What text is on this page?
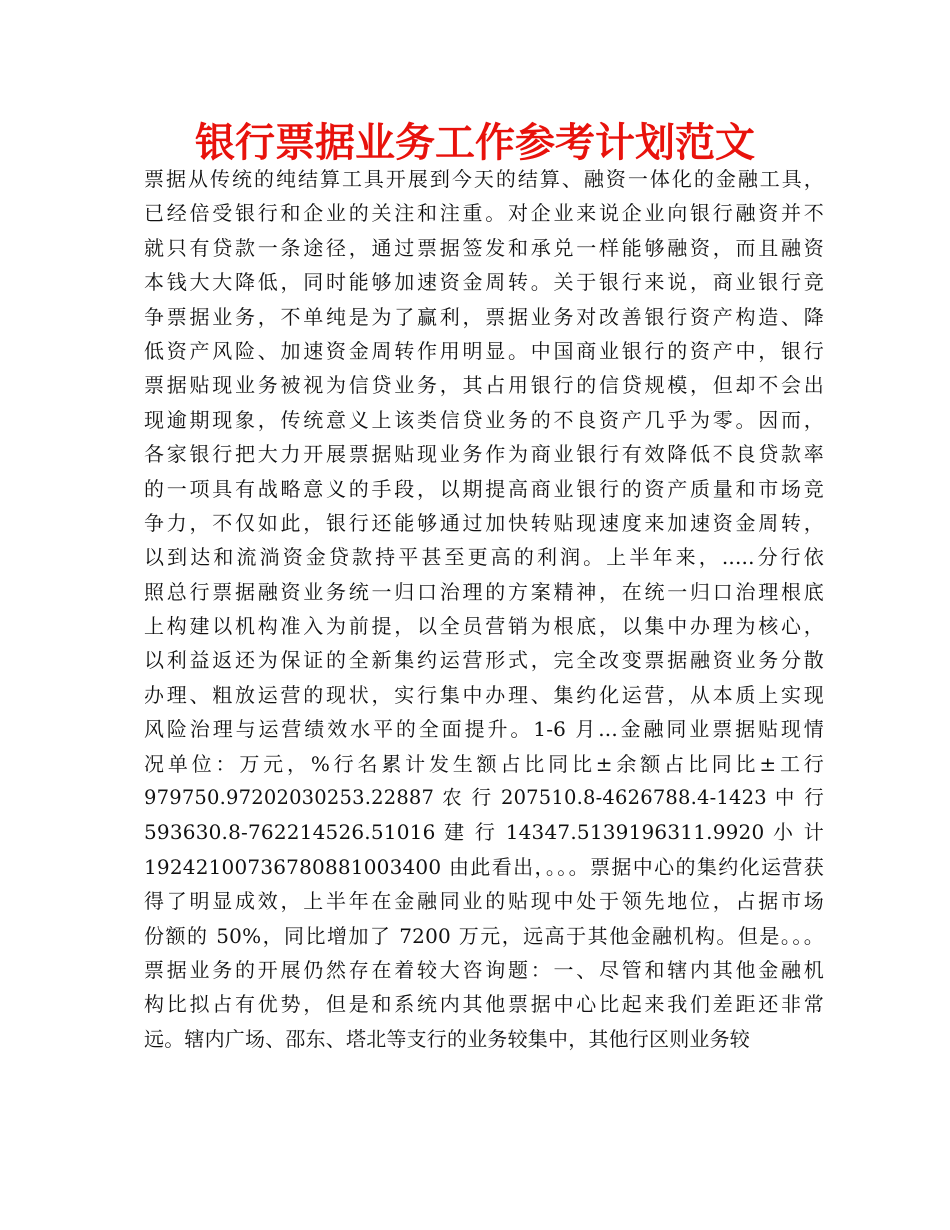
银行票据业务工作参考计划范文
票据从传统的纯结算工具开展到今天的结算、融资一体化的金融工具，
已经倍受银行和企业的关注和注重。对企业来说企业向银行融资并不
就只有贷款一条途径，通过票据签发和承兑一样能够融资，而且融资
本钱大大降低，同时能够加速资金周转。关于银行来说，商业银行竞
争票据业务，不单纯是为了赢利，票据业务对改善银行资产构造、降
低资产风险、加速资金周转作用明显。中国商业银行的资产中，银行
票据贴现业务被视为信贷业务，其占用银行的信贷规模，但却不会出
现逾期现象，传统意义上该类信贷业务的不良资产几乎为零。因而，
各家银行把大力开展票据贴现业务作为商业银行有效降低不良贷款率
的一项具有战略意义的手段，以期提高商业银行的资产质量和市场竞
争力，不仅如此，银行还能够通过加快转贴现速度来加速资金周转，
以到达和流淌资金贷款持平甚至更高的利润。上半年来，.....分行依
照总行票据融资业务统一归口治理的方案精神，在统一归口治理根底
上构建以机构准入为前提，以全员营销为根底，以集中办理为核心，
以利益返还为保证的全新集约运营形式，完全改变票据融资业务分散
办理、粗放运营的现状，实行集中办理、集约化运营，从本质上实现
风险治理与运营绩效水平的全面提升。1-6 月...金融同业票据贴现情
况单位：万元，%行名累计发生额占比同比±余额占比同比±工行
979750.97202030253.22887 农 行 207510.8-4626788.4-1423 中 行
593630.8-762214526.51016 建 行 14347.5139196311.9920 小 计
192421007367808810034​00 由此看出，。。。票据中心的集约化运营获
得了明显成效，上半年在金融同业的贴现中处于领先地位，占据市场
份额的 50%，同比增加了 7200 万元，远高于其他金融机构。但是。。。
票据业务的开展仍然存在着较大咨询题：一、尽管和辖内其他金融机
构比拟占有优势，但是和系统内其他票据中心比起来我们差距还非常
远。辖内广场、邵东、塔北等支行的业务较集中，其他行区则业务较
